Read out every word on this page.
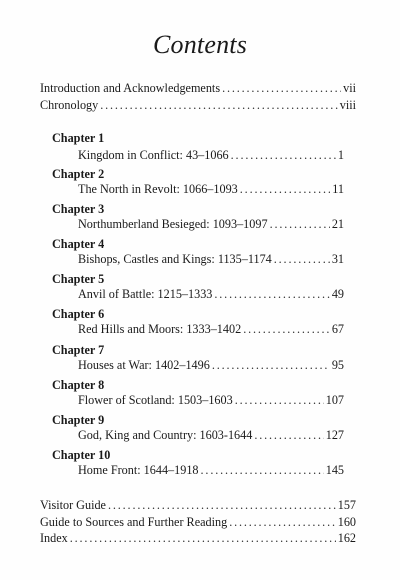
Contents
Introduction and Acknowledgements . . .	vii
Chronology . . .	viii
Chapter 1
Kingdom in Conflict: 43–1066 . . .	1
Chapter 2
The North in Revolt: 1066–1093 . . .	11
Chapter 3
Northumberland Besieged: 1093–1097 . . .	21
Chapter 4
Bishops, Castles and Kings: 1135–1174 . . .	31
Chapter 5
Anvil of Battle: 1215–1333 . . .	49
Chapter 6
Red Hills and Moors: 1333–1402 . . .	67
Chapter 7
Houses at War: 1402–1496 . . .	95
Chapter 8
Flower of Scotland: 1503–1603 . . .	107
Chapter 9
God, King and Country: 1603-1644 . . .	127
Chapter 10
Home Front: 1644–1918 . . .	145
Visitor Guide . . .	157
Guide to Sources and Further Reading . . .	160
Index . . .	162
